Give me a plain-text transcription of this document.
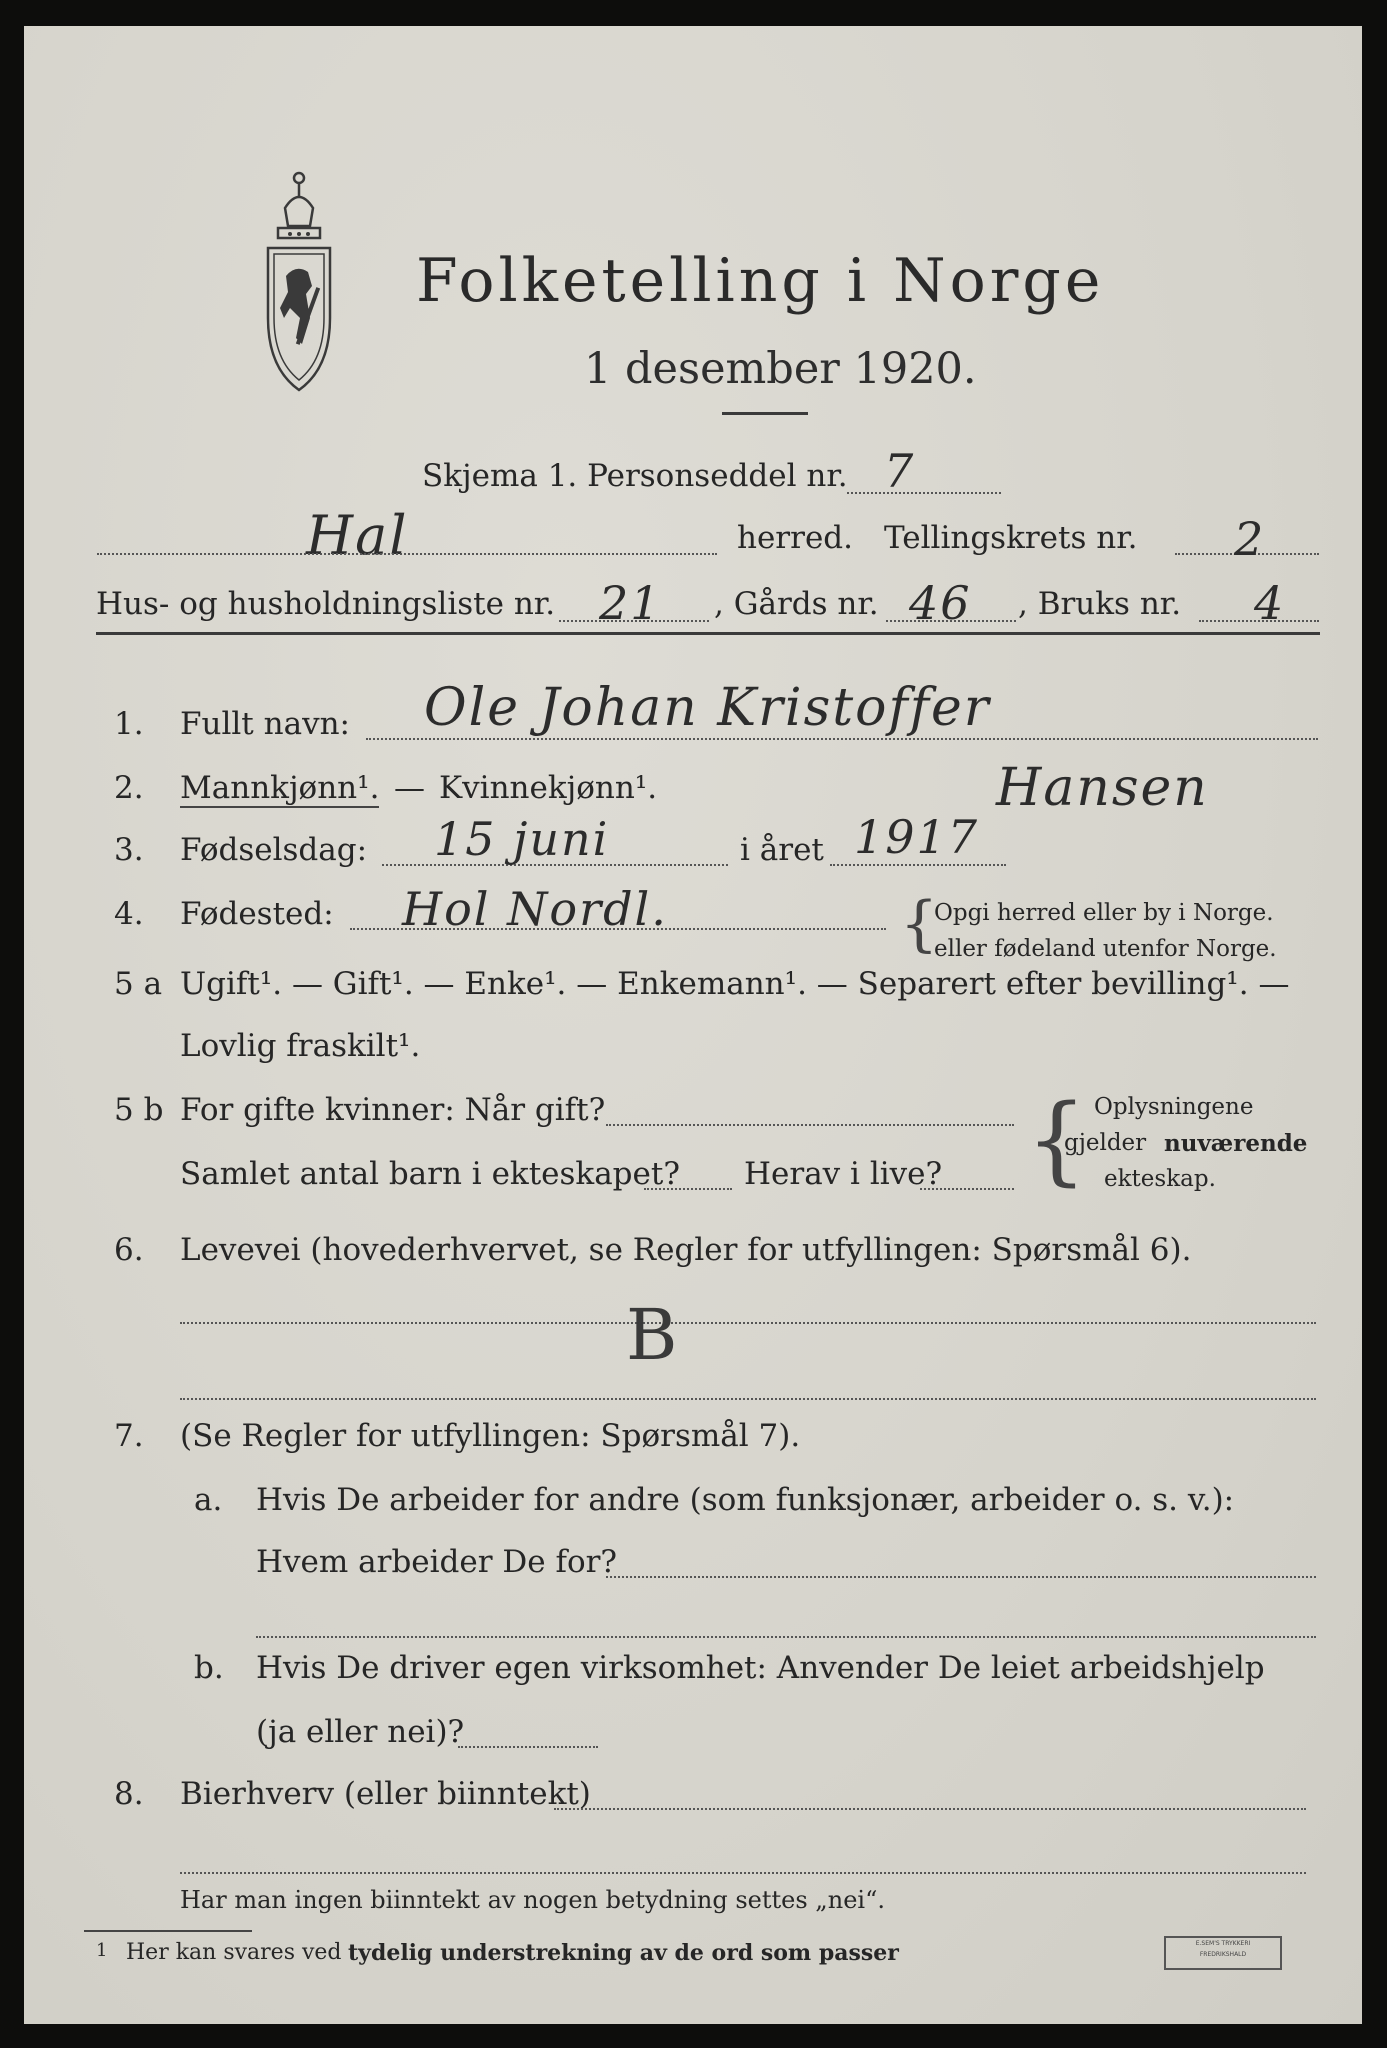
Folketelling i Norge
1 desember 1920.
Skjema 1. Personseddel nr. 7
Hal	herred. Tellingskrets nr. 2
Hus- og husholdningsliste nr. 21 , Gårds nr. 46 , Bruks nr. 4
1. Fullt navn: Ole Johan Kristoffer
Hansen
2. Mannkjønn¹. — Kvinnekjønn¹.
3. Fødselsdag: 15 juni	i året 1917
4. Fødested: Hol Nordl.	{
Opgi herred eller by i Norge.
eller fødeland utenfor Norge.
5 a Ugift¹. — Gift¹. — Enke¹. — Enkemann¹. — Separert efter bevilling¹. —
Lovlig fraskilt¹.
5 b For gifte kvinner: Når gift?
Samlet antal barn i ekteskapet? Herav i live? { Oplysningene
gjelder nuværende
ekteskap.
6. Levevei (hovederhvervet, se Regler for utfyllingen: Spørsmål 6).
B
7. (Se Regler for utfyllingen: Spørsmål 7).
a. Hvis De arbeider for andre (som funksjonær, arbeider o. s. v.):
Hvem arbeider De for?
b. Hvis De driver egen virksomhet: Anvender De leiet arbeidshjelp
(ja eller nei)?
8. Bierhverv (eller biinntekt)
Har man ingen biinntekt av nogen betydning settes „nei“.
1 Her kan svares ved tydelig understrekning av de ord som passer	E.SEM'S TRYKKERI
FREDRIKSHALD
